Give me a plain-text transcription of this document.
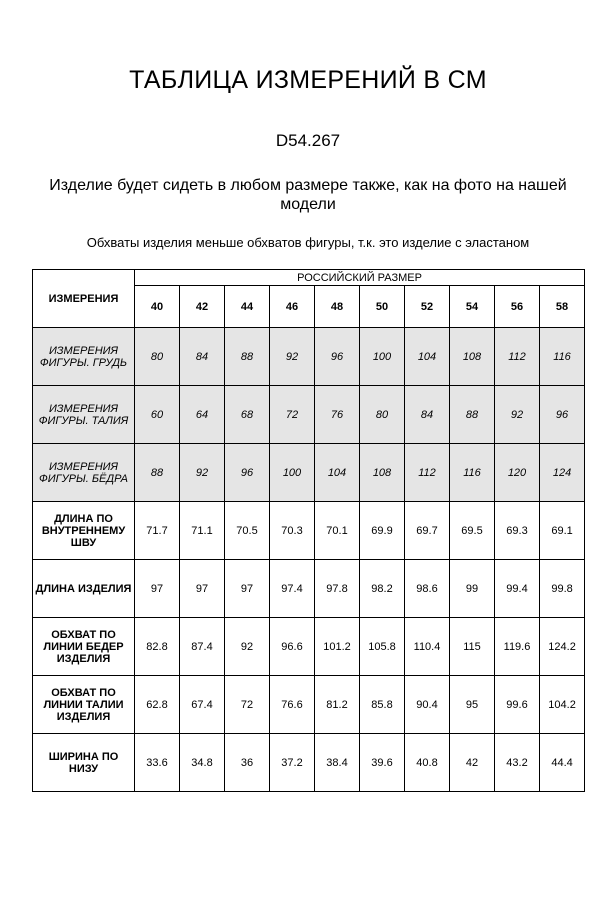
ТАБЛИЦА ИЗМЕРЕНИЙ В СМ
D54.267
Изделие будет сидеть в любом размере также, как на фото на нашей модели
Обхваты изделия меньше обхватов фигуры, т.к. это изделие с эластаном
ИЗМЕРЕНИЯ	РОССИЙСКИЙ РАЗМЕР									
	40	42	44	46	48	50	52	54	56	58
ИЗМЕРЕНИЯ ФИГУРЫ. ГРУДЬ	80	84	88	92	96	100	104	108	112	116
ИЗМЕРЕНИЯ ФИГУРЫ. ТАЛИЯ	60	64	68	72	76	80	84	88	92	96
ИЗМЕРЕНИЯ ФИГУРЫ. БЁДРА	88	92	96	100	104	108	112	116	120	124
ДЛИНА ПО ВНУТРЕННЕМУ ШВУ	71.7	71.1	70.5	70.3	70.1	69.9	69.7	69.5	69.3	69.1
ДЛИНА ИЗДЕЛИЯ	97	97	97	97.4	97.8	98.2	98.6	99	99.4	99.8
ОБХВАТ ПО ЛИНИИ БЕДЕР ИЗДЕЛИЯ	82.8	87.4	92	96.6	101.2	105.8	110.4	115	119.6	124.2
ОБХВАТ ПО ЛИНИИ ТАЛИИ ИЗДЕЛИЯ	62.8	67.4	72	76.6	81.2	85.8	90.4	95	99.6	104.2
ШИРИНА ПО НИЗУ	33.6	34.8	36	37.2	38.4	39.6	40.8	42	43.2	44.4
